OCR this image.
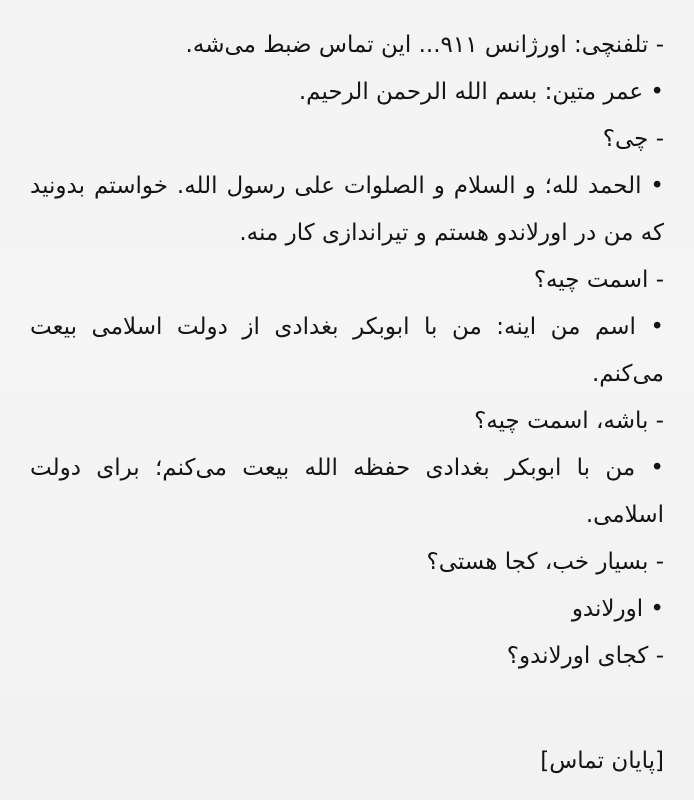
- تلفنچی: اورژانس ۹۱۱... این تماس ضبط می‌شه.

• عمر متین: بسم الله الرحمن الرحیم.

- چی؟

• الحمد لله؛ و السلام و الصلوات علی رسول الله. خواستم بدونید که من در اورلاندو هستم و تیراندازی کار منه.

- اسمت چیه؟

• اسم من اینه: من با ابوبکر بغدادی از دولت اسلامی بیعت می‌کنم.

- باشه، اسمت چیه؟

• من با ابوبکر بغدادی حفظه الله بیعت می‌کنم؛ برای دولت اسلامی.

- بسیار خب، کجا هستی؟

• اورلاندو

- کجای اورلاندو؟

[پایان تماس]
